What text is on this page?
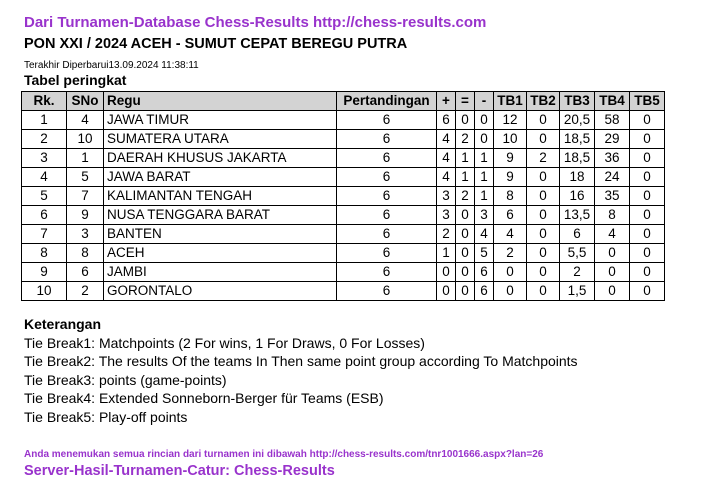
Dari Turnamen-Database Chess-Results http://chess-results.com
PON XXI / 2024 ACEH - SUMUT CEPAT BEREGU PUTRA
Terakhir Diperbarui13.09.2024 11:38:11
Tabel peringkat
Rk.	SNo	Regu	Pertandingan	+	=	-	TB1	TB2	TB3	TB4	TB5
1	4	JAWA TIMUR	6	6	0	0	12	0	20,5	58	0
2	10	SUMATERA UTARA	6	4	2	0	10	0	18,5	29	0
3	1	DAERAH KHUSUS JAKARTA	6	4	1	1	9	2	18,5	36	0
4	5	JAWA BARAT	6	4	1	1	9	0	18	24	0
5	7	KALIMANTAN TENGAH	6	3	2	1	8	0	16	35	0
6	9	NUSA TENGGARA BARAT	6	3	0	3	6	0	13,5	8	0
7	3	BANTEN	6	2	0	4	4	0	6	4	0
8	8	ACEH	6	1	0	5	2	0	5,5	0	0
9	6	JAMBI	6	0	0	6	0	0	2	0	0
10	2	GORONTALO	6	0	0	6	0	0	1,5	0	0
Keterangan
Tie Break1: Matchpoints (2 For wins, 1 For Draws, 0 For Losses)
Tie Break2: The results Of the teams In Then same point group according To Matchpoints
Tie Break3: points (game-points)
Tie Break4: Extended Sonneborn-Berger für Teams (ESB)
Tie Break5: Play-off points
Anda menemukan semua rincian dari turnamen ini dibawah http://chess-results.com/tnr1001666.aspx?lan=26
Server-Hasil-Turnamen-Catur: Chess-Results
